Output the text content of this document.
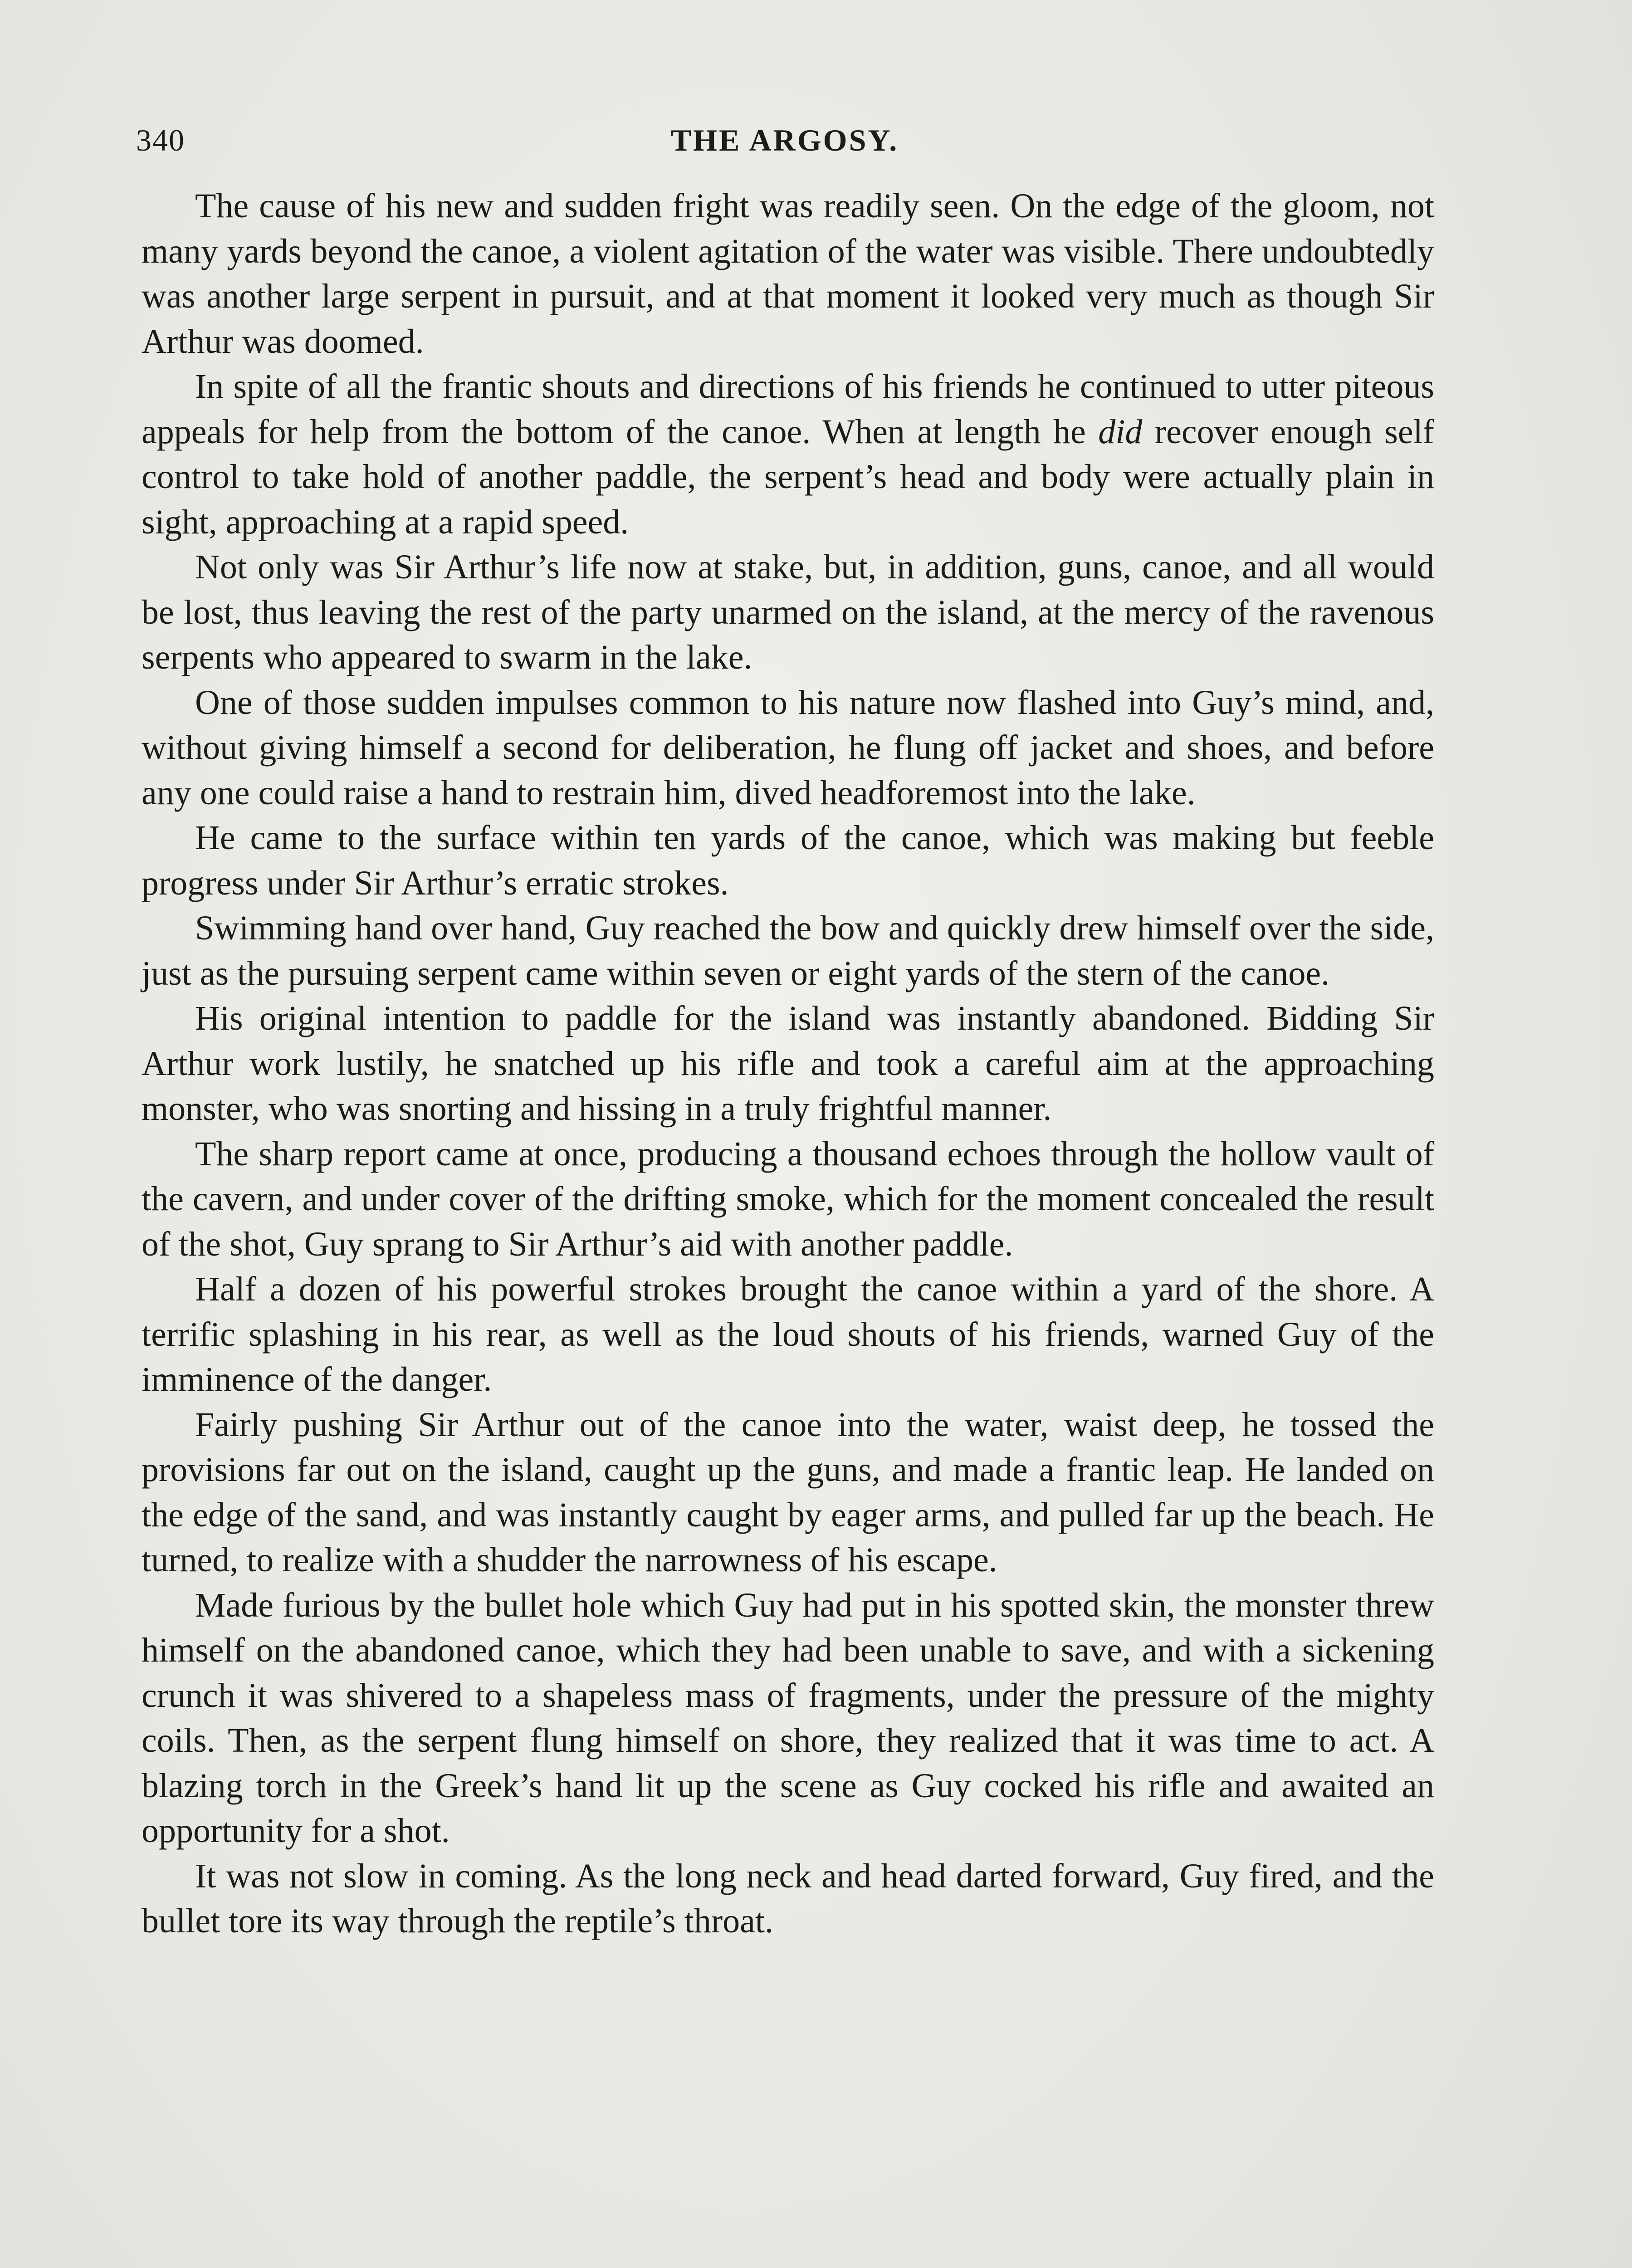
340	THE ARGOSY.

The cause of his new and sudden fright was readily seen. On the edge of the gloom, not many yards beyond the canoe, a violent agitation of the water was visible. There undoubtedly was another large serpent in pursuit, and at that moment it looked very much as though Sir Arthur was doomed.

In spite of all the frantic shouts and directions of his friends he continued to utter piteous appeals for help from the bottom of the canoe. When at length he did recover enough self control to take hold of another paddle, the serpent’s head and body were actually plain in sight, approaching at a rapid speed.

Not only was Sir Arthur’s life now at stake, but, in addition, guns, canoe, and all would be lost, thus leaving the rest of the party unarmed on the island, at the mercy of the ravenous serpents who appeared to swarm in the lake.

One of those sudden impulses common to his nature now flashed into Guy’s mind, and, without giving himself a second for deliberation, he flung off jacket and shoes, and before any one could raise a hand to restrain him, dived headforemost into the lake.

He came to the surface within ten yards of the canoe, which was making but feeble progress under Sir Arthur’s erratic strokes.

Swimming hand over hand, Guy reached the bow and quickly drew himself over the side, just as the pursuing serpent came within seven or eight yards of the stern of the canoe.

His original intention to paddle for the island was instantly abandoned. Bidding Sir Arthur work lustily, he snatched up his rifle and took a careful aim at the approaching monster, who was snorting and hissing in a truly frightful manner.

The sharp report came at once, producing a thousand echoes through the hollow vault of the cavern, and under cover of the drifting smoke, which for the moment concealed the result of the shot, Guy sprang to Sir Arthur’s aid with another paddle.

Half a dozen of his powerful strokes brought the canoe within a yard of the shore. A terrific splashing in his rear, as well as the loud shouts of his friends, warned Guy of the imminence of the danger.

Fairly pushing Sir Arthur out of the canoe into the water, waist deep, he tossed the provisions far out on the island, caught up the guns, and made a frantic leap. He landed on the edge of the sand, and was instantly caught by eager arms, and pulled far up the beach. He turned, to realize with a shudder the narrowness of his escape.

Made furious by the bullet hole which Guy had put in his spotted skin, the monster threw himself on the abandoned canoe, which they had been unable to save, and with a sickening crunch it was shivered to a shapeless mass of fragments, under the pressure of the mighty coils. Then, as the serpent flung himself on shore, they realized that it was time to act. A blazing torch in the Greek’s hand lit up the scene as Guy cocked his rifle and awaited an opportunity for a shot.

It was not slow in coming. As the long neck and head darted forward, Guy fired, and the bullet tore its way through the reptile’s throat.
